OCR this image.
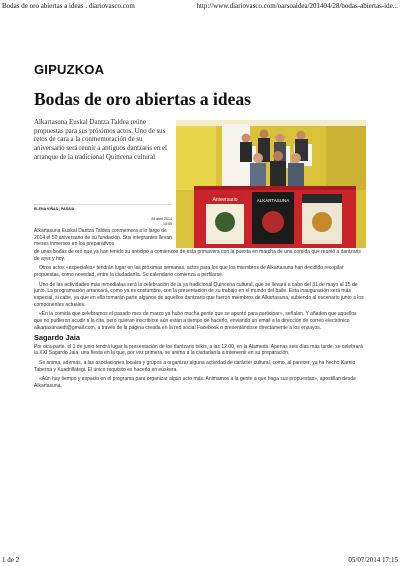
Bodas de oro abiertas a ideas . diariovasco.com	http://www.diariovasco.com/oarsoaldea/201404/28/bodas-abiertas-ide...
GIPUZKOA
Bodas de oro abiertas a ideas
Alkartasuna Euskal Dantza Taldea reúne propuestas para sus próximos actos. Uno de sus retos de cara a la conmemoración de su aniversario será reunir a antiguos dantzaris en el arranque de la tradicional Quincena cultural
ELENA VIÑAS|PASAIA
28 abril 2014
10:55
Aniversario	ALKARTASUNA
Alkartasuna Euskal Dantza Taldea conmemora a lo largo de 2014 el 50 aniversario de su fundación. Sus integrantes llevan meses inmersos en los preparativos

de unas bodas de oro que ya han tenido su anticipo a comienzos de esta primavera con la puesta en marcha de una comida que reunió a dantzaris de ayer y hoy.

Otros actos «especiales» tendrán lugar en las próximas semanas, actos para los que los miembros de Alkartasuna han decidido recopilar propuestas, como novedad, entre la ciudadanía. Su calendario comienza a perfilarse.

Uno de las actividades más inmediatas será la celebración de la ya tradicional Quincena cultural, que se llevará a cabo del 31 de mayo al 15 de junio. La programación arrancará, como ya es costumbre, con la presentación de su trabajo en el mundo del baile. Esta inauguración será más especial, si cabe, ya que en ella tomarán parte algunos de aquellos dantzaris que fueron miembros de Alkartasuna, subiendo al escenario junto a los componentes actuales.

«En la comida que celebramos el pasado mes de marzo ya hubo mucha gente que se apuntó para participar», señalan. Y añaden que aquellos que no pudieron acudir a la cita, pero quieran inscribirse aún están a tiempo de hacerlo, enviando un email a la dirección de correo electrónico alkartasunaedt@gmail.com, a través de la página creada en la red social Facebook o presentándose directamente a los ensayos.

Sagardo Jaia

Por otra parte, el 1 de junio tendrá lugar la presentación de los dantzaris txikis, a las 12.00, en la Alameda. Apenas seis días más tarde, se celebrará la XXI Sagardo Jaia, una fiesta en la que, por vez primera, se anima a la ciudadanía a intervenir en su preparación.

Se anima, además, a las asociaciones locales y grupos a organizar alguna actividad de carácter cultural, como, al parecer, ya ha hecho Karnio Taberna y Kuadrillategi. El único requisito es hacerlo en euskera.

«Aún hay tiempo y espacio en el programa para organizar algún acto más. Animamos a la gente a que haga sus propuestas», apostillan desde Alkartasuna.

1 de 2	05/07/2014 17:15
